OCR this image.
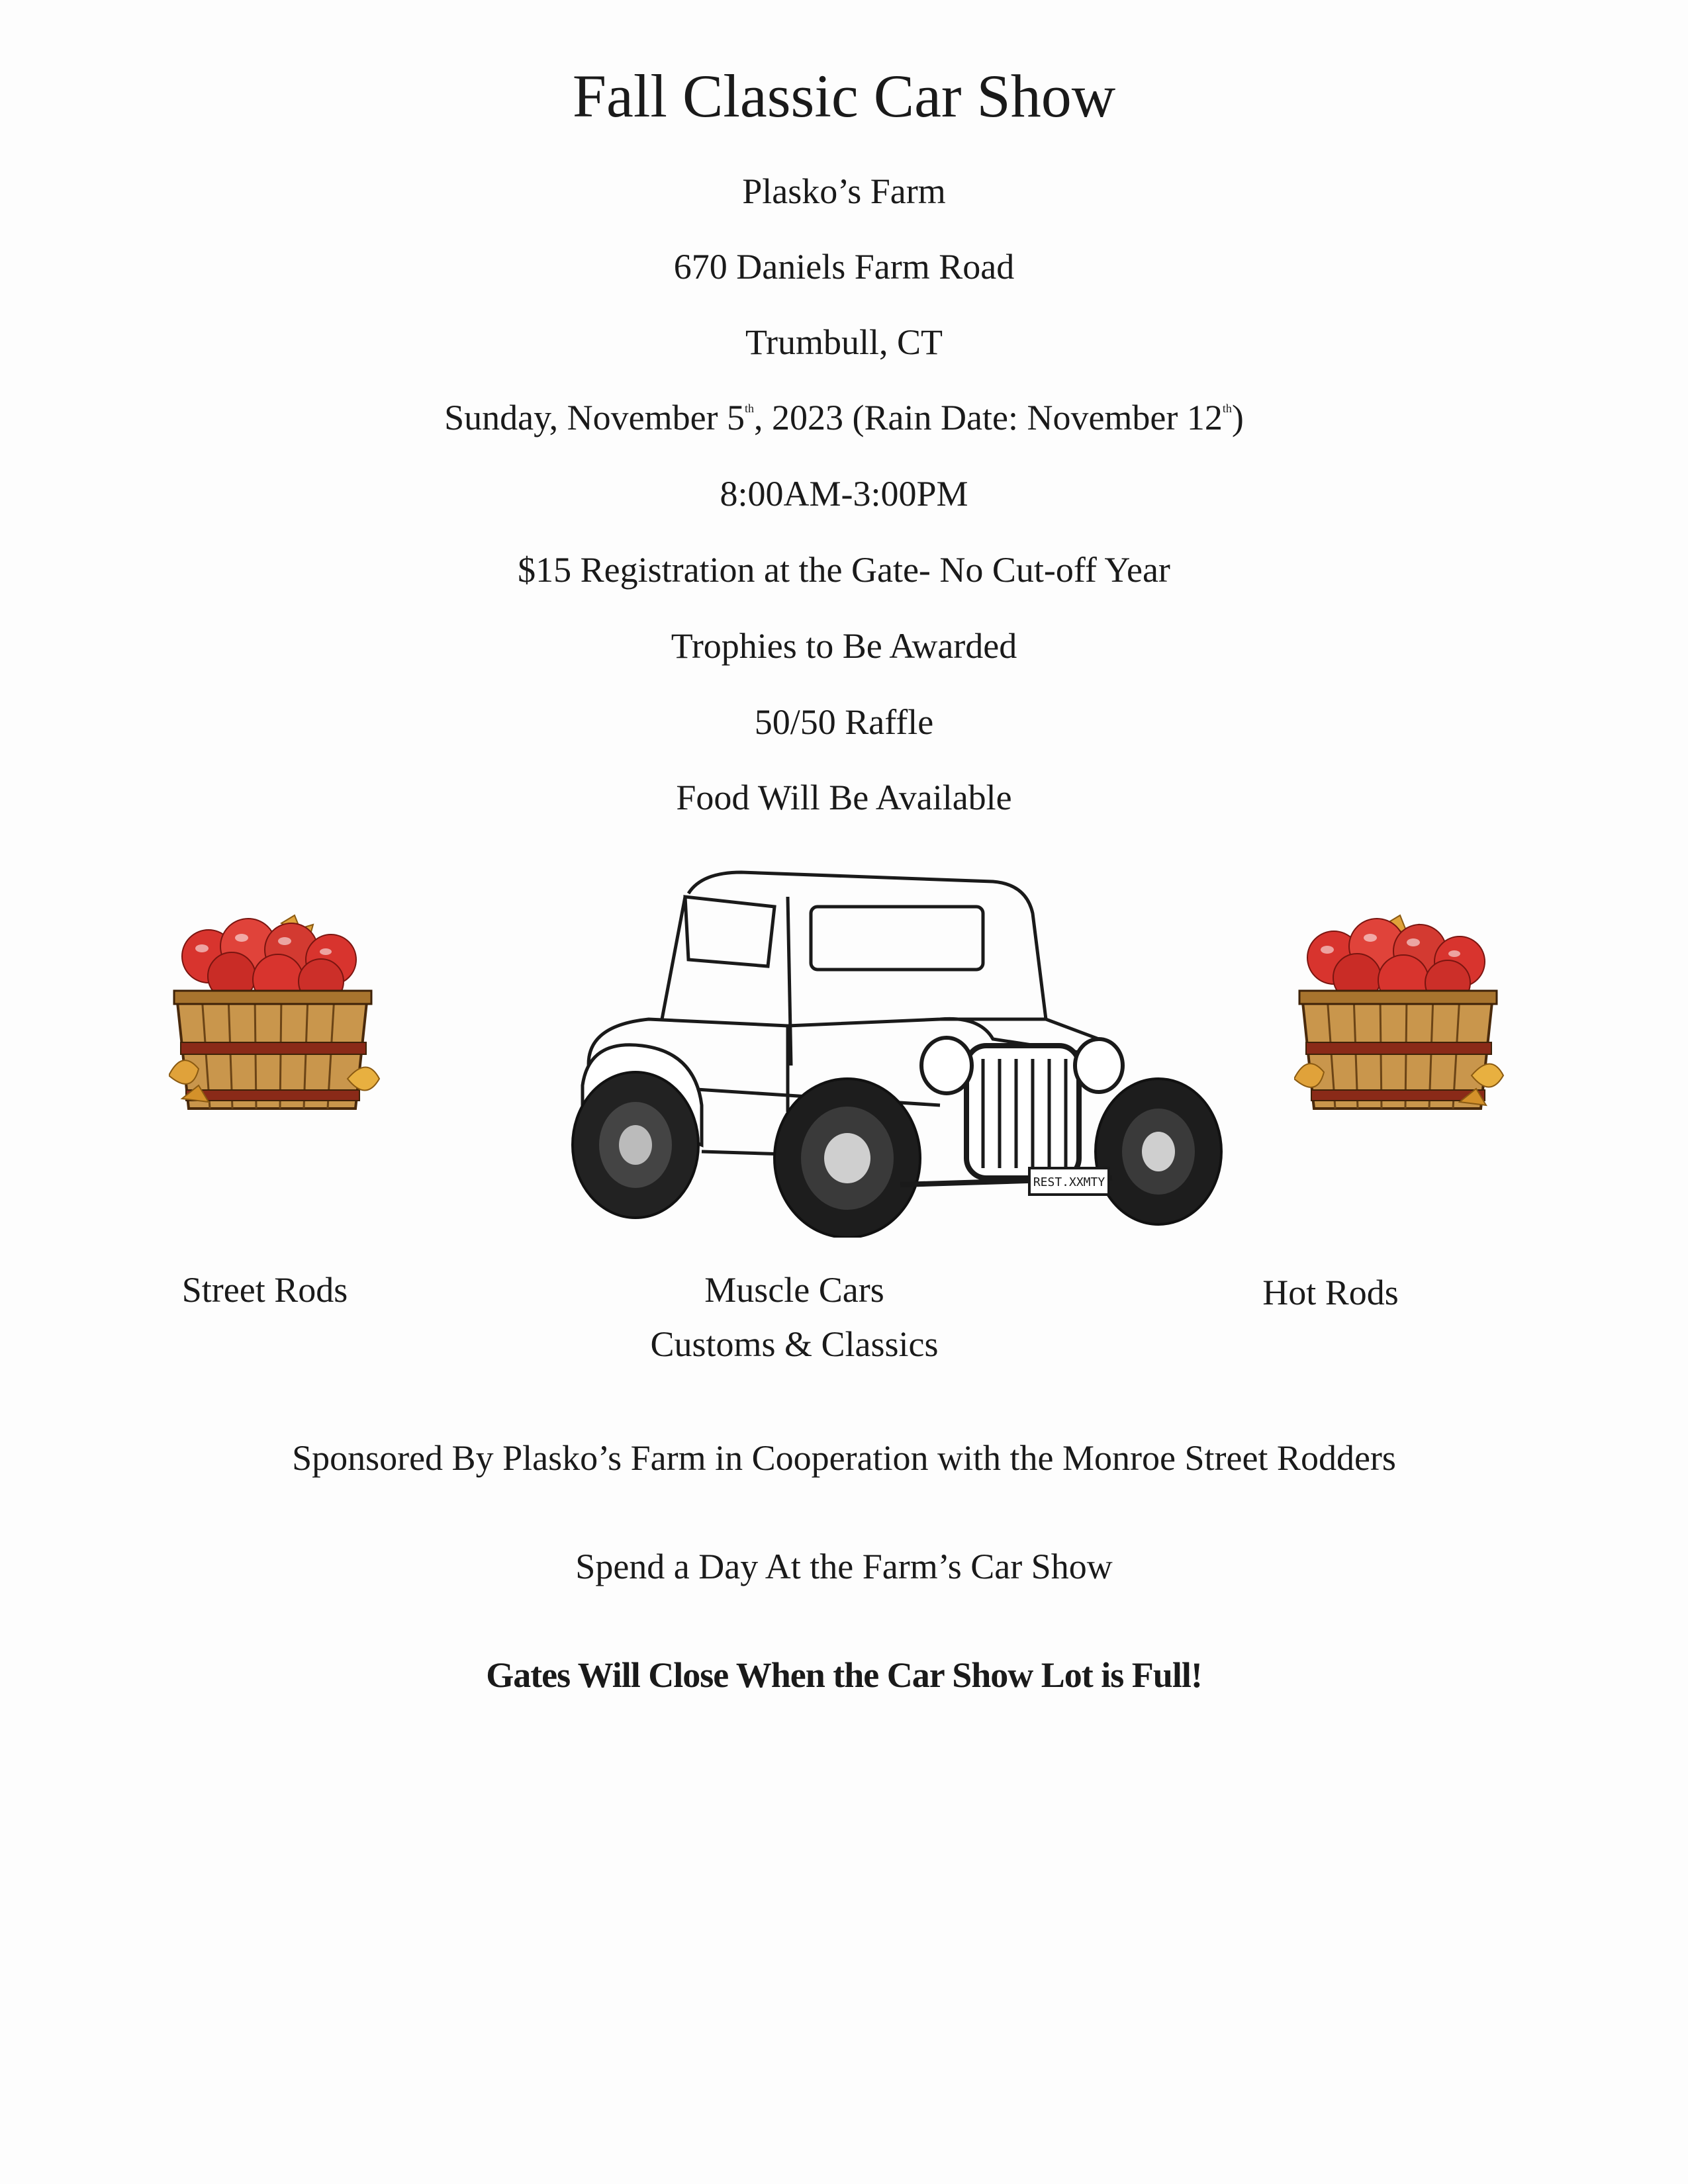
Fall Classic Car Show
Plasko’s Farm
670 Daniels Farm Road
Trumbull, CT
Sunday, November 5th, 2023 (Rain Date: November 12th)
8:00AM-3:00PM
$15 Registration at the Gate- No Cut-off Year
Trophies to Be Awarded
50/50 Raffle
Food Will Be Available
REST.XXMTY
Street Rods	Muscle Cars
Customs & Classics
Hot Rods
Sponsored By Plasko’s Farm in Cooperation with the Monroe Street Rodders
Spend a Day At the Farm’s Car Show
Gates Will Close When the Car Show Lot is Full!
